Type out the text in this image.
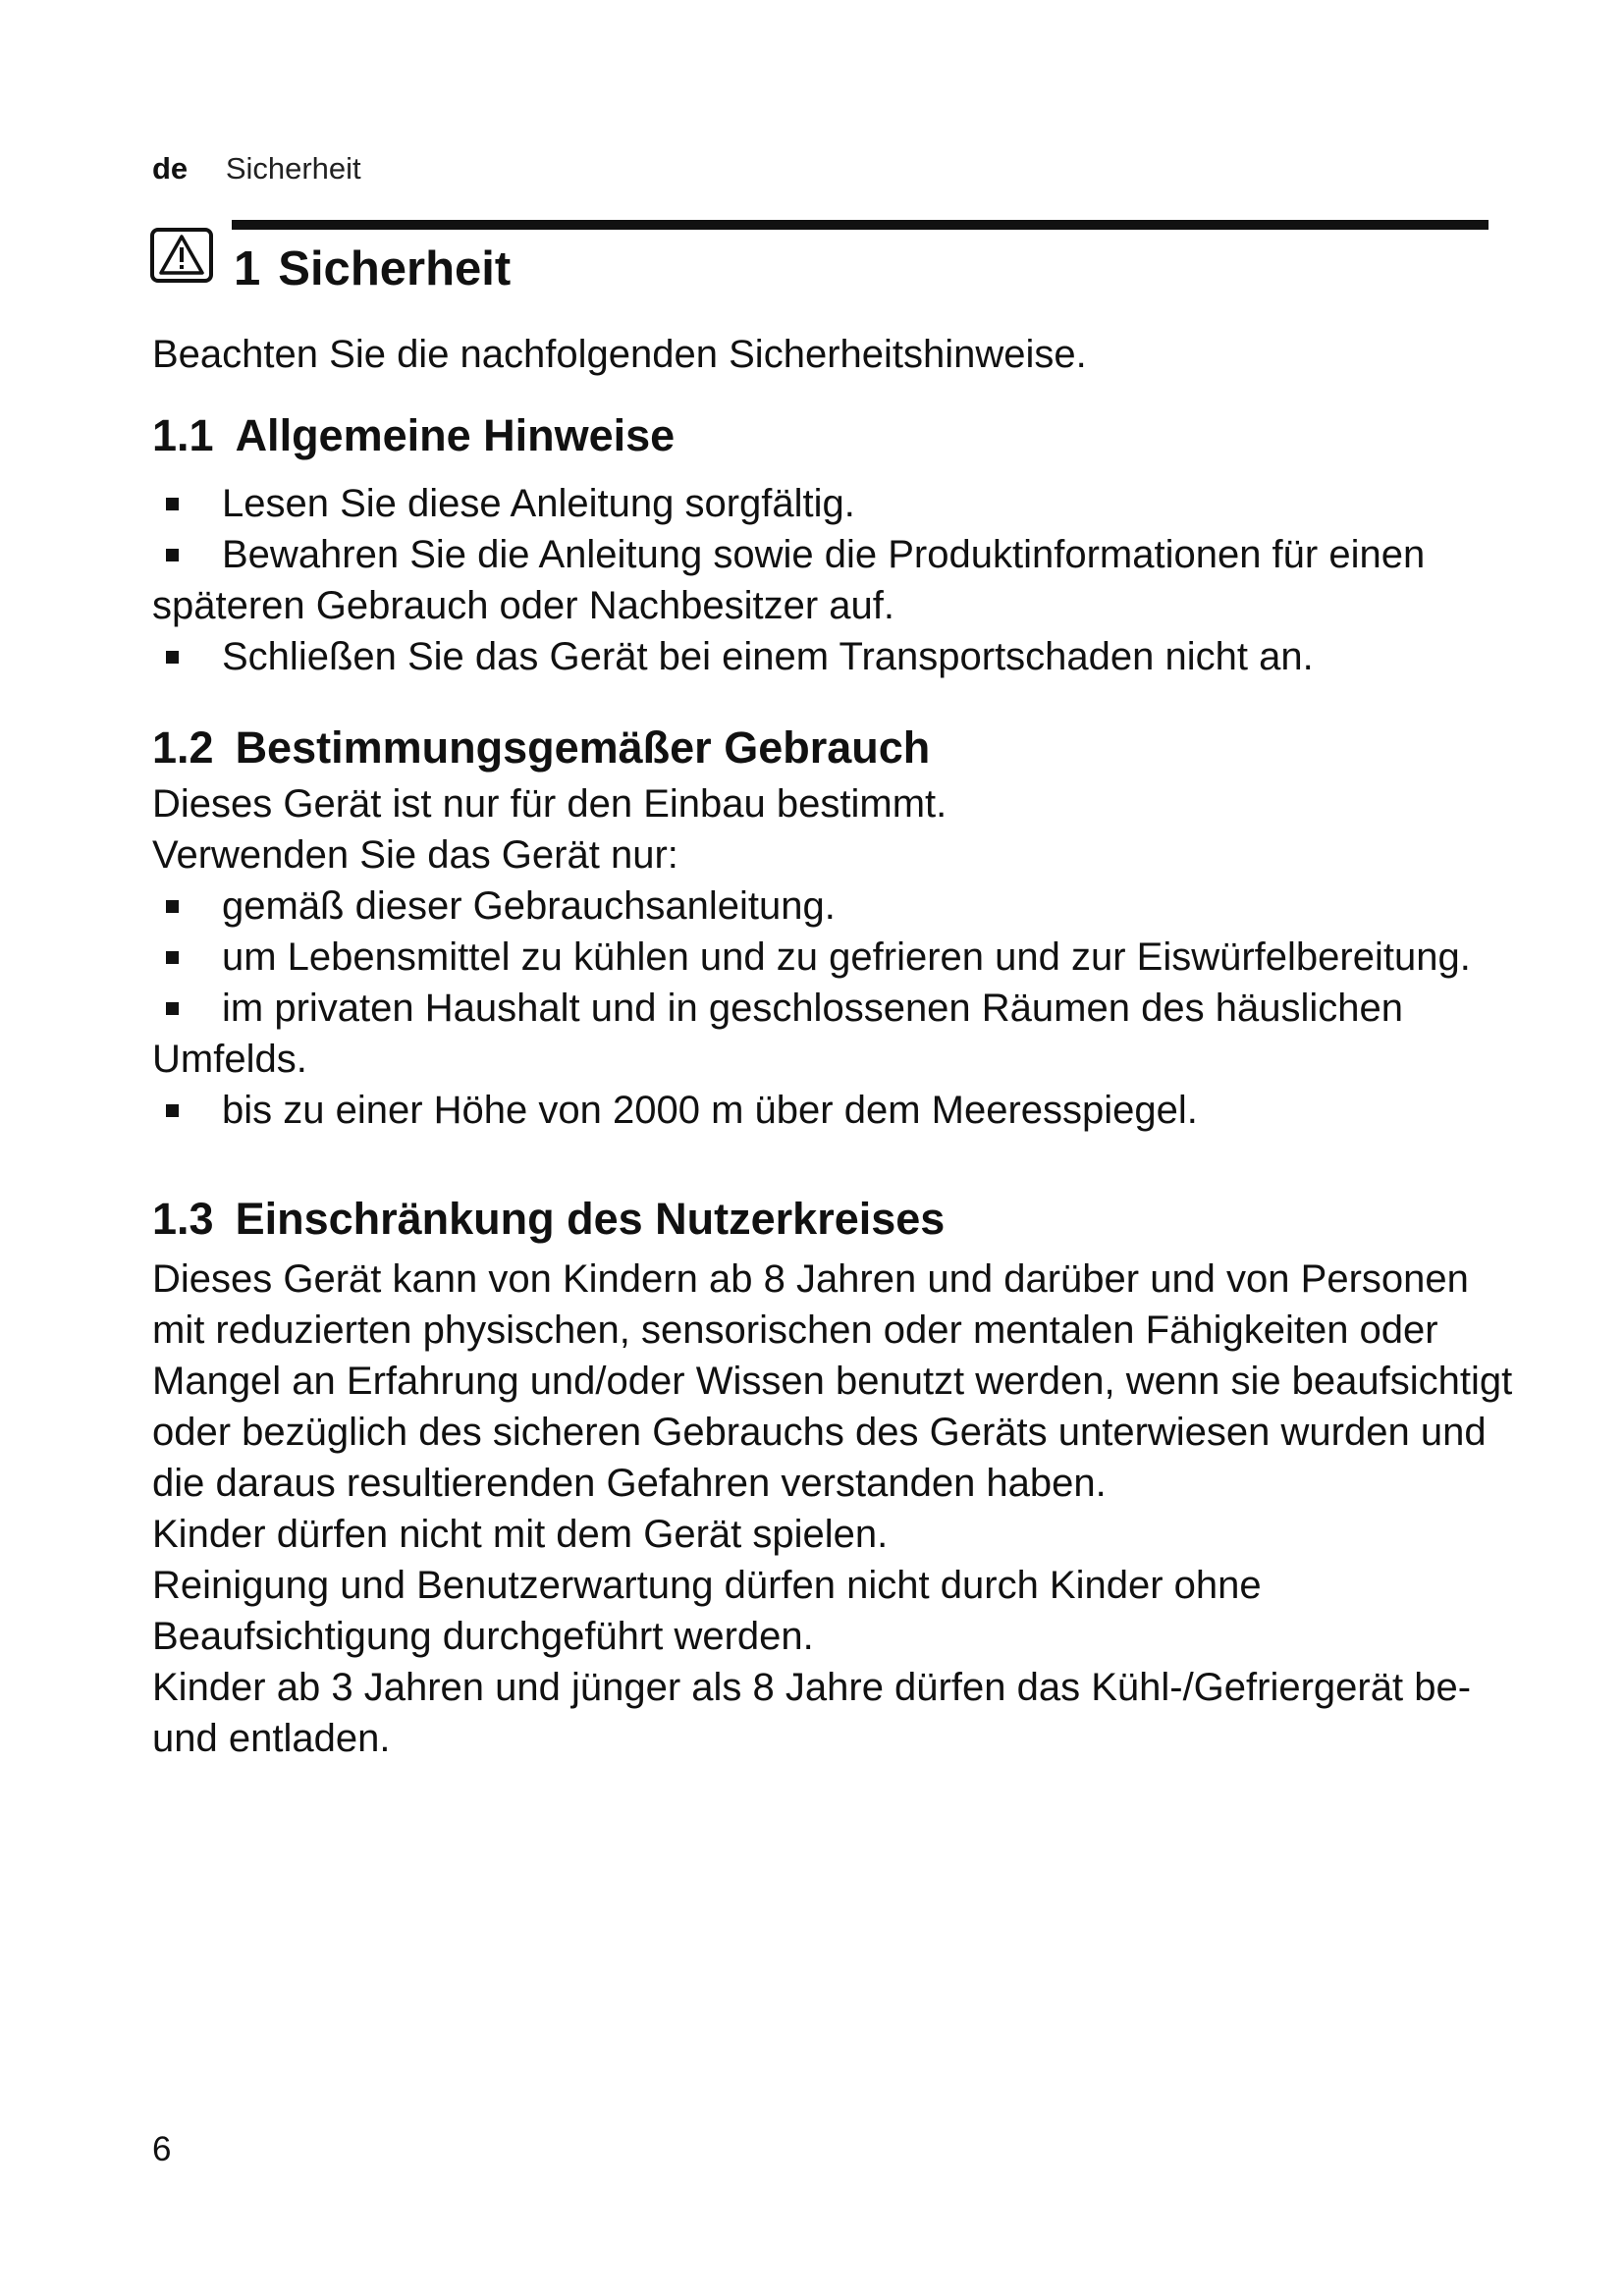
de Sicherheit
1 Sicherheit

Beachten Sie die nachfolgenden Sicherheitshinweise.

1.1 Allgemeine Hinweise
Lesen Sie diese Anleitung sorgfältig.
Bewahren Sie die Anleitung sowie die Produktinformationen für einen späteren Gebrauch oder Nachbesitzer auf.
Schließen Sie das Gerät bei einem Transportschaden nicht an.
1.2 Bestimmungsgemäßer Gebrauch

Dieses Gerät ist nur für den Einbau bestimmt.

Verwenden Sie das Gerät nur:

gemäß dieser Gebrauchsanleitung.
um Lebensmittel zu kühlen und zu gefrieren und zur Eiswürfelbereitung.
im privaten Haushalt und in geschlossenen Räumen des häuslichen Umfelds.
bis zu einer Höhe von 2000 m über dem Meeresspiegel.
1.3 Einschränkung des Nutzerkreises

Dieses Gerät kann von Kindern ab 8 Jahren und darüber und von Personen mit reduzierten physischen, sensorischen oder mentalen Fähigkeiten oder Mangel an Erfahrung und/oder Wissen benutzt werden, wenn sie beaufsichtigt oder bezüglich des sicheren Gebrauchs des Geräts unterwiesen wurden und die daraus resultierenden Gefahren verstanden haben.

Kinder dürfen nicht mit dem Gerät spielen.

Reinigung und Benutzerwartung dürfen nicht durch Kinder ohne Beaufsichtigung durchgeführt werden.

Kinder ab 3 Jahren und jünger als 8 Jahre dürfen das Kühl-/Gefriergerät be- und entladen.

6
